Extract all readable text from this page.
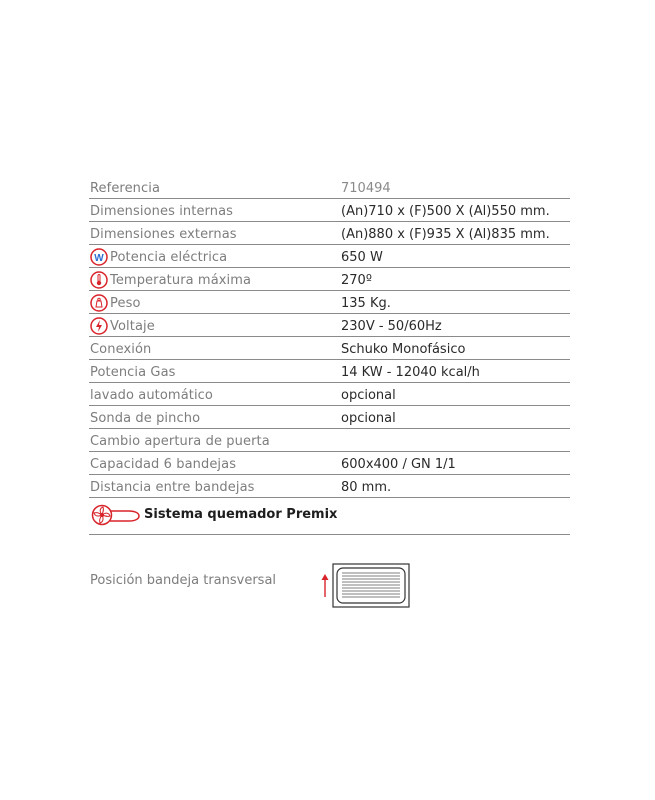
Referencia	710494
Dimensiones internas	(An)710 x (F)500 X (Al)550 mm.
Dimensiones externas	(An)880 x (F)935 X (Al)835 mm.
W Potencia eléctrica	650 W
Temperatura máxima	270º
Peso	135 Kg.
Voltaje	230V - 50/60Hz
Conexión	Schuko Monofásico
Potencia Gas	14 KW - 12040 kcal/h
lavado automático	opcional
Sonda de pincho	opcional
Cambio apertura de puerta
Capacidad 6 bandejas	600x400 / GN 1/1
Distancia entre bandejas	80 mm.
Sistema quemador Premix
Posición bandeja transversal
